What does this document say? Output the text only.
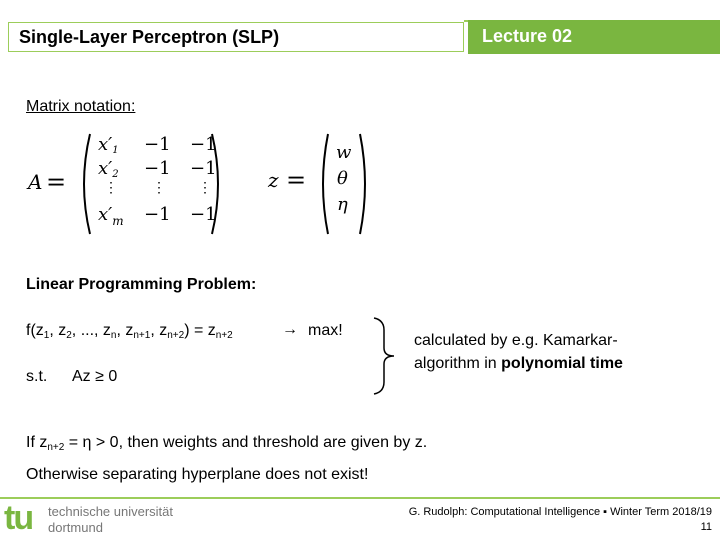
Single-Layer Perceptron (SLP)	Lecture 02
Matrix notation:
A =
$x'_1 -1 -1$
$x'_2 -1 -1$
⋮ ⋮ ⋮
$x'_m -1 -1$
z =
w
θ
η
Linear Programming Problem:
$f(z_1$, $z_2$, ..., $z_n$, $z_{n+1}$, $z_{n+2}) = z_{n+2}$	→ max!
s.t. Az ≥ 0
calculated by e.g. Kamarkar-
algorithm in polynomial time
If $z_{n+2} = \eta > 0$, then weights and threshold are given by z.
Otherwise separating hyperplane does not exist!
tu technische universität
dortmund
G. Rudolph: Computational Intelligence ▪ Winter Term 2018/19
11
